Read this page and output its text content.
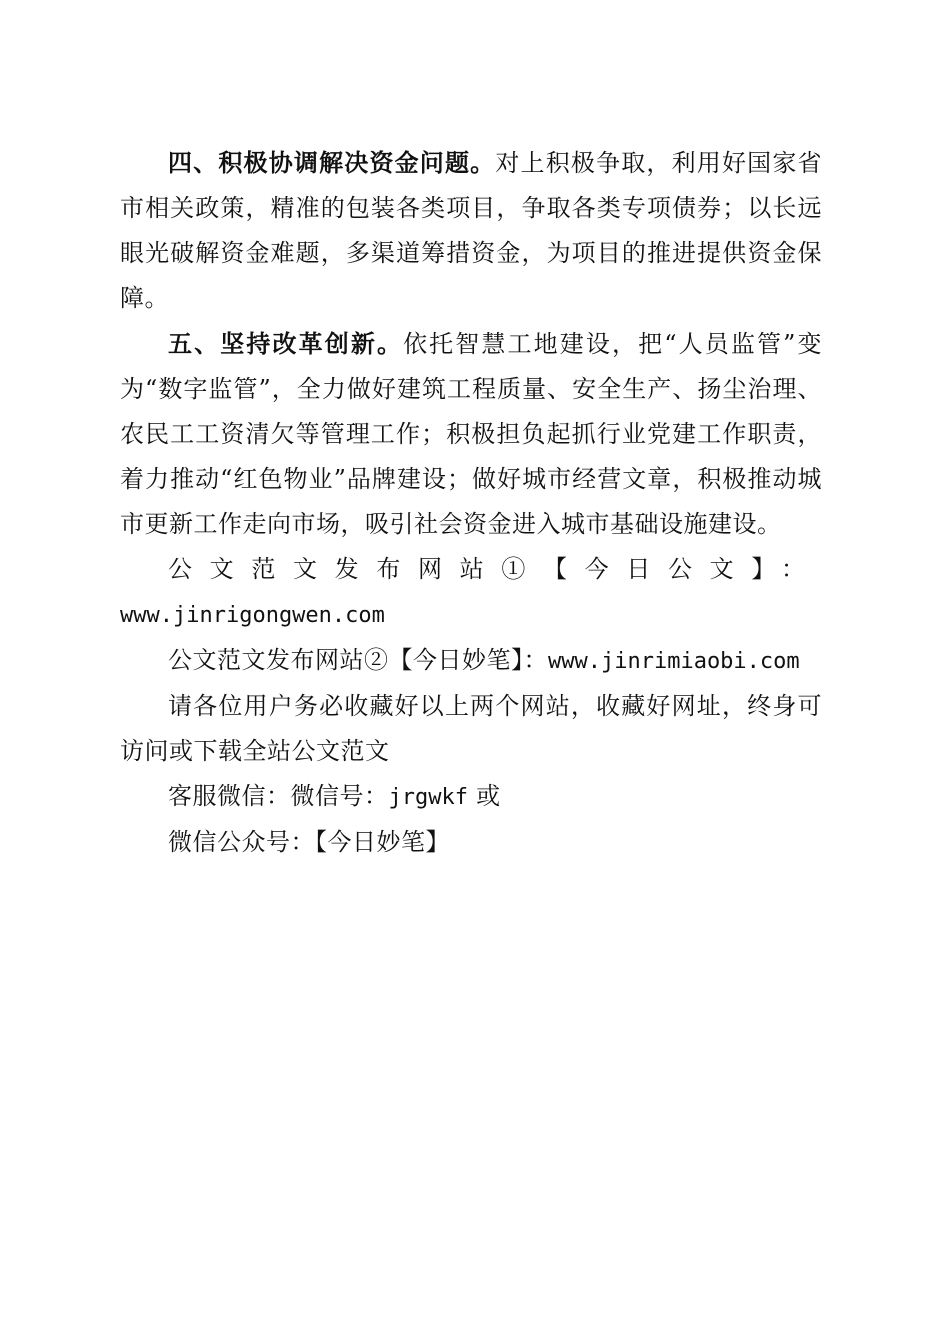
四、积极协调解决资金问题。对上积极争取，利用好国家省市相关政策，精准的包装各类项目，争取各类专项债券；以长远眼光破解资金难题，多渠道筹措资金，为项目的推进提供资金保障。

五、坚持改革创新。依托智慧工地建设，把“人员监管”变为“数字监管”，全力做好建筑工程质量、安全生产、扬尘治理、农民工工资清欠等管理工作；积极担负起抓行业党建工作职责，着力推动“红色物业”品牌建设；做好城市经营文章，积极推动城市更新工作走向市场，吸引社会资金进入城市基础设施建设。

公文范文发布网站①【今日公文】：www.jinrigongwen.com

公文范文发布网站②【今日妙笔】：www.jinrimiaobi.com

请各位用户务必收藏好以上两个网站，收藏好网址，终身可访问或下载全站公文范文

客服微信：微信号：jrgwkf 或

微信公众号：【今日妙笔】
